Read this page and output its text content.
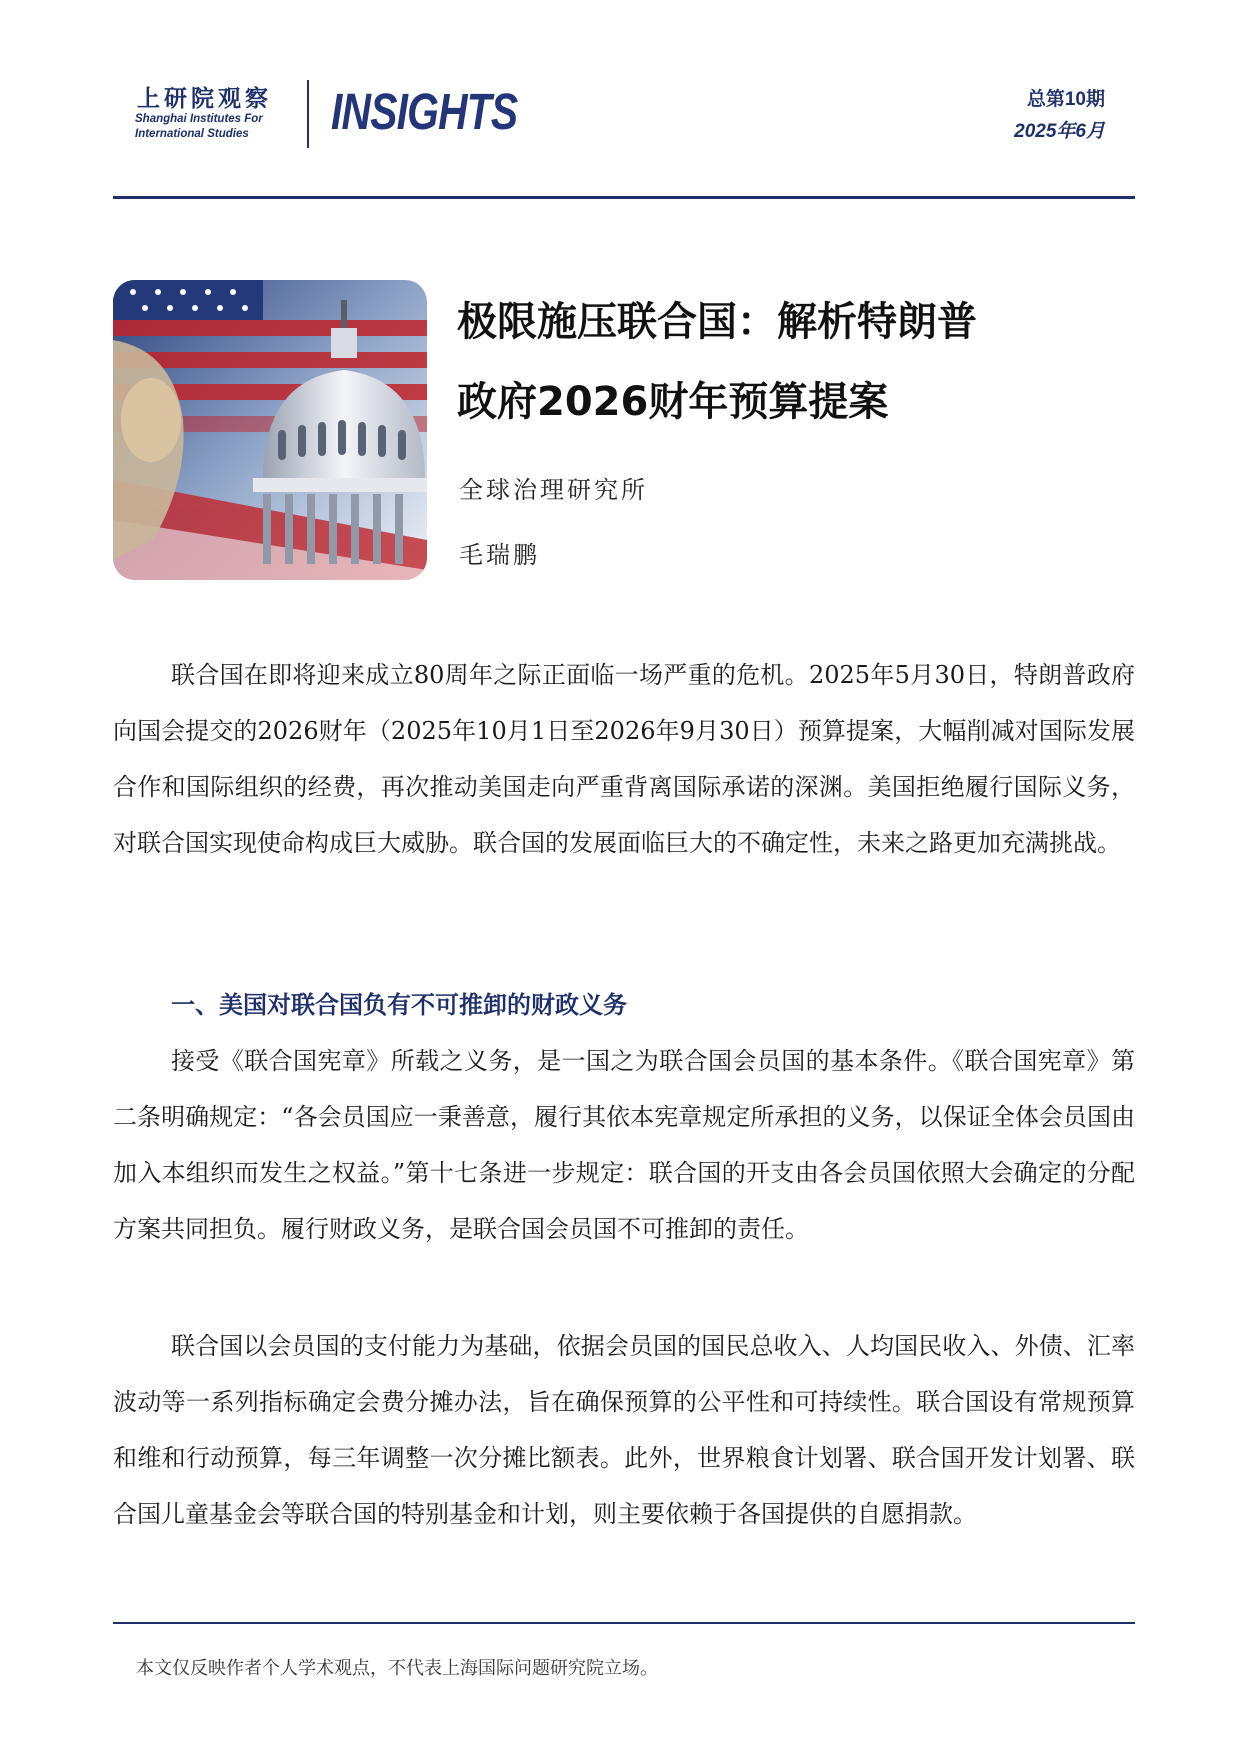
上研院观察
Shanghai Institutes For
International Studies INSIGHTS	总第10期
2025年6月
极限施压联合国：解析特朗普
政府2026财年预算提案
全球治理研究所
毛瑞鹏

联合国在即将迎来成立80周年之际正面临一场严重的危机。2025年5月30日，特朗普政府向国会提交的2026财年（2025年10月1日至2026年9月30日）预算提案，大幅削减对国际发展合作和国际组织的经费，再次推动美国走向严重背离国际承诺的深渊。美国拒绝履行国际义务，对联合国实现使命构成巨大威胁。联合国的发展面临巨大的不确定性，未来之路更加充满挑战。

一、美国对联合国负有不可推卸的财政义务

接受《联合国宪章》所载之义务，是一国之为联合国会员国的基本条件。《联合国宪章》第二条明确规定：“各会员国应一秉善意，履行其依本宪章规定所承担的义务，以保证全体会员国由加入本组织而发生之权益。”第十七条进一步规定：联合国的开支由各会员国依照大会确定的分配方案共同担负。履行财政义务，是联合国会员国不可推卸的责任。

联合国以会员国的支付能力为基础，依据会员国的国民总收入、人均国民收入、外债、汇率波动等一系列指标确定会费分摊办法，旨在确保预算的公平性和可持续性。联合国设有常规预算和维和行动预算，每三年调整一次分摊比额表。此外，世界粮食计划署、联合国开发计划署、联合国儿童基金会等联合国的特别基金和计划，则主要依赖于各国提供的自愿捐款。

本文仅反映作者个人学术观点，不代表上海国际问题研究院立场。
